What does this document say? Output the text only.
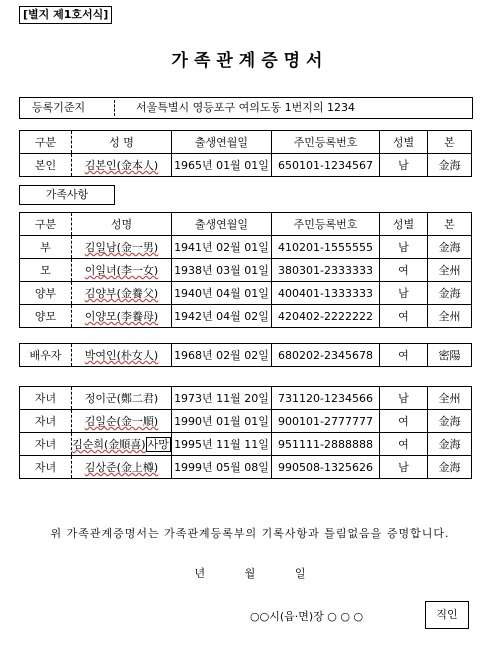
[별지 제1호서식]
가족관계증명서
등록기준지	서울특별시 영등포구 여의도동 1번지의 1234
구분	성 명	출생연월일	주민등록번호	성별	본
본인	김본인(金本人)	1965년 01월 01일	650101-1234567	남	金海
가족사항
구분	성명	출생연월일	주민등록번호	성별	본
부	김일남(金一男)	1941년 02월 01일	410201-1555555	남	金海
모	이일녀(李一女)	1938년 03월 01일	380301-2333333	여	全州
양부	김양부(金養父)	1940년 04월 01일	400401-1333333	남	金海
양모	이양모(李養母)	1942년 04월 02일	420402-2222222	여	全州
배우자	박여인(朴女人)	1968년 02월 02일	680202-2345678	여	密陽
자녀	정이군(鄭二君)	1973년 11월 20일	731120-1234566	남	全州
자녀	김일순(金一順)	1990년 01월 01일	900101-2777777	여	金海
자녀	김순희(金順喜) 사망	1995년 11월 11일	951111-2888888	여	金海
자녀	김상준(金上樽)	1999년 05월 08일	990508-1325626	남	金海
위 가족관계증명서는 가족관계등록부의 기록사항과 틀림없음을 증명합니다.
년	월	일
○○시(읍·면)장 ○ ○ ○	직인
